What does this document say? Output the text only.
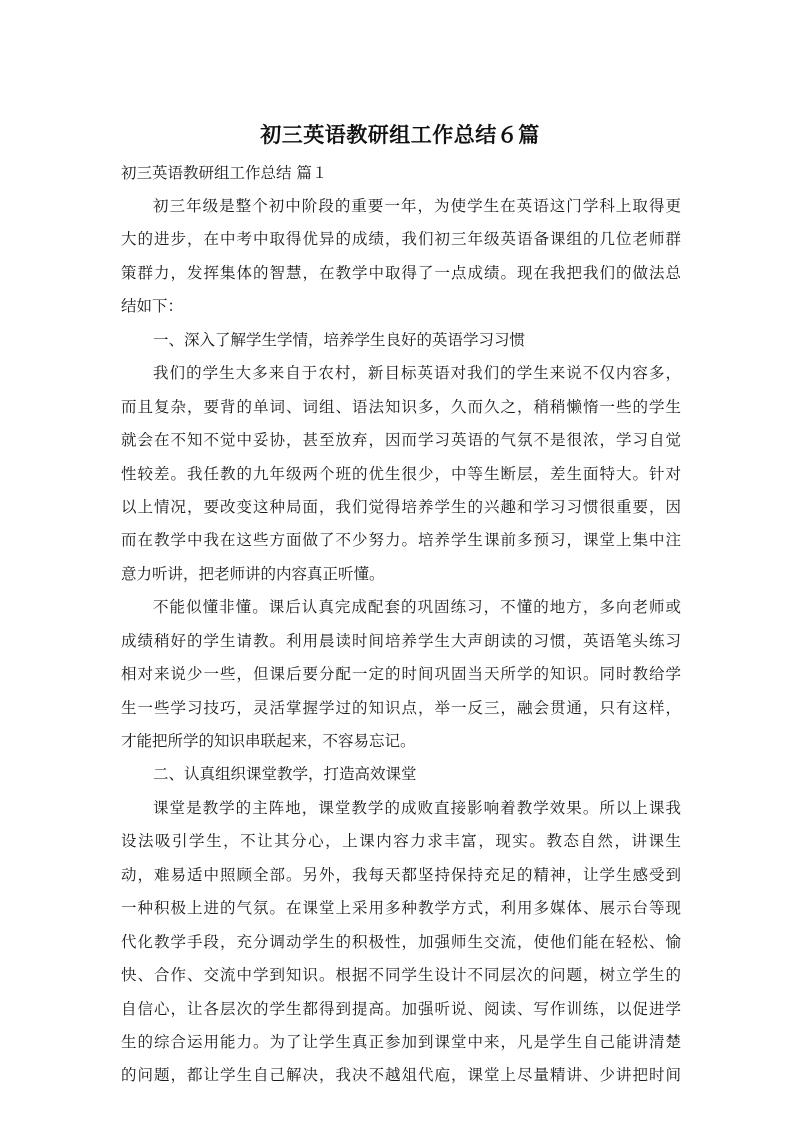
初三英语教研组工作总结６篇
初三英语教研组工作总结 篇１
初三年级是整个初中阶段的重要一年，为使学生在英语这门学科上取得更
大的进步，在中考中取得优异的成绩，我们初三年级英语备课组的几位老师群
策群力，发挥集体的智慧，在教学中取得了一点成绩。现在我把我们的做法总
结如下：
一、深入了解学生学情，培养学生良好的英语学习习惯
我们的学生大多来自于农村，新目标英语对我们的学生来说不仅内容多，
而且复杂，要背的单词、词组、语法知识多，久而久之，稍稍懒惰一些的学生
就会在不知不觉中妥协，甚至放弃，因而学习英语的气氛不是很浓，学习自觉
性较差。我任教的九年级两个班的优生很少，中等生断层，差生面特大。针对
以上情况，要改变这种局面，我们觉得培养学生的兴趣和学习习惯很重要，因
而在教学中我在这些方面做了不少努力。培养学生课前多预习，课堂上集中注
意力听讲，把老师讲的内容真正听懂。
不能似懂非懂。课后认真完成配套的巩固练习，不懂的地方，多向老师或
成绩稍好的学生请教。利用晨读时间培养学生大声朗读的习惯，英语笔头练习
相对来说少一些，但课后要分配一定的时间巩固当天所学的知识。同时教给学
生一些学习技巧，灵活掌握学过的知识点，举一反三，融会贯通，只有这样，
才能把所学的知识串联起来，不容易忘记。
二、认真组织课堂教学，打造高效课堂
课堂是教学的主阵地，课堂教学的成败直接影响着教学效果。所以上课我
设法吸引学生，不让其分心，上课内容力求丰富，现实。教态自然，讲课生
动，难易适中照顾全部。另外，我每天都坚持保持充足的精神，让学生感受到
一种积极上进的气氛。在课堂上采用多种教学方式，利用多媒体、展示台等现
代化教学手段，充分调动学生的积极性，加强师生交流，使他们能在轻松、愉
快、合作、交流中学到知识。根据不同学生设计不同层次的问题，树立学生的
自信心，让各层次的学生都得到提高。加强听说、阅读、写作训练，以促进学
生的综合运用能力。为了让学生真正参加到课堂中来，凡是学生自己能讲清楚
的问题，都让学生自己解决，我决不越俎代庖，课堂上尽量精讲、少讲把时间
